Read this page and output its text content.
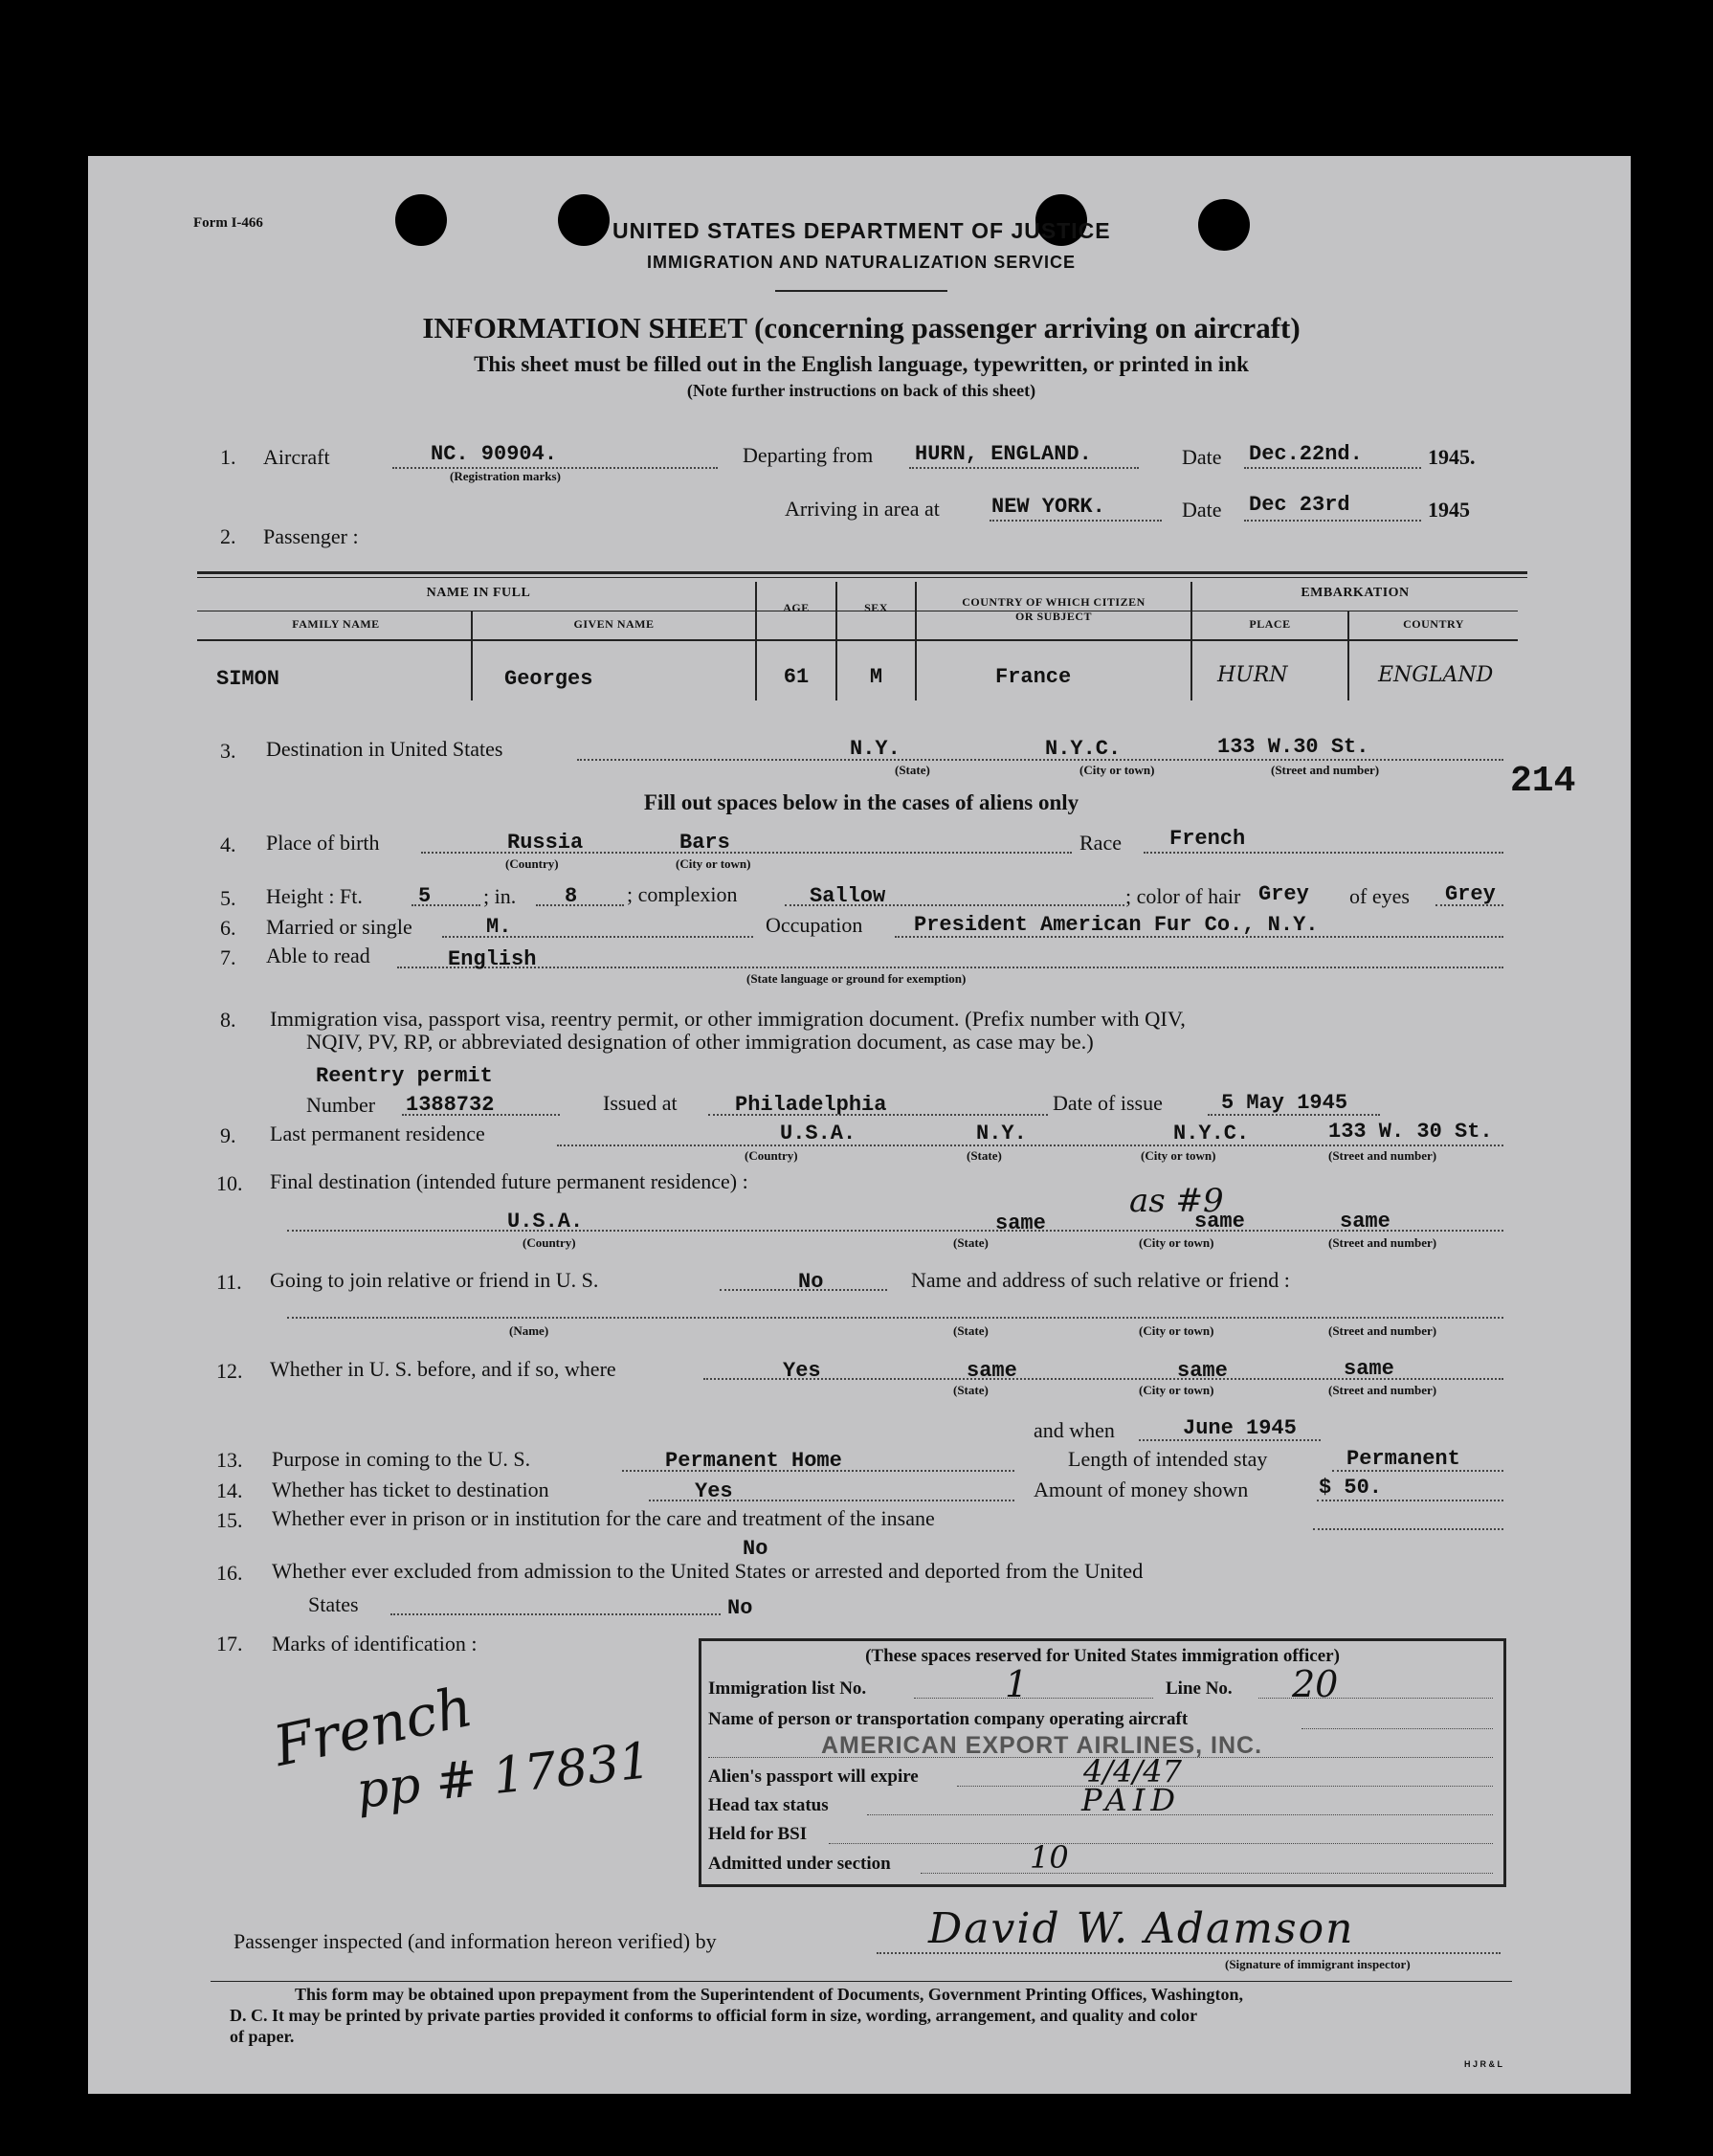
Form I-466	UNITED STATES DEPARTMENT OF JUSTICE
IMMIGRATION AND NATURALIZATION SERVICE
INFORMATION SHEET (concerning passenger arriving on aircraft)
This sheet must be filled out in the English language, typewritten, or printed in ink
(Note further instructions on back of this sheet)
1. Aircraft	NC. 90904.
(Registration marks)
Departing from HURN, ENGLAND.	Date Dec.22nd.	1945.
Arriving in area at NEW YORK.	Date Dec 23rd	1945
2. Passenger :
NAME IN FULL
FAMILY NAME	GIVEN NAME
AGE	SEX	COUNTRY OF WHICH CITIZEN
OR SUBJECT
EMBARKATION
PLACE	COUNTRY
SIMON	Georges	61	M	France	HURN	ENGLAND
3. Destination in United States	N.Y.	N.Y.C.	133 W.30 St.
(State)	(City or town)	(Street and number)	214
Fill out spaces below in the cases of aliens only
4. Place of birth	Russia	Bars
(Country)	(City or town)
Race French
5. Height : Ft.	5 ; in. 8 ; complexion	Sallow	; color of hair Grey of eyes Grey
6. Married or single	M.	Occupation President American Fur Co., N.Y.
7. Able to read	English
(State language or ground for exemption)
8. Immigration visa, passport visa, reentry permit, or other immigration document. (Prefix number with QIV,
NQIV, PV, RP, or abbreviated designation of other immigration document, as case may be.)
Reentry permit
Number 1388732	Issued at	Philadelphia	Date of issue	5 May 1945
9. Last permanent residence	U.S.A.	N.Y.	N.Y.C.	133 W. 30 St.
(Country)	(State)	(City or town)	(Street and number)
10. Final destination (intended future permanent residence) :
as #9
U.S.A.	same	same	same
(Country)	(State)	(City or town)	(Street and number)
11. Going to join relative or friend in U. S.	No	Name and address of such relative or friend :
(Name)	(State)	(City or town)	(Street and number)
12. Whether in U. S. before, and if so, where	Yes	same	same	same
(State)	(City or town)	(Street and number)
and when	June 1945
13. Purpose in coming to the U. S.	Permanent Home	Length of intended stay	Permanent
14. Whether has ticket to destination	Yes	Amount of money shown	$ 50.
15. Whether ever in prison or in institution for the care and treatment of the insane
No
16. Whether ever excluded from admission to the United States or arrested and deported from the United
States	No
17. Marks of identification :
French
pp # 17831
(These spaces reserved for United States immigration officer)
Immigration list No.	1	Line No. 20
Name of person or transportation company operating aircraft
AMERICAN EXPORT AIRLINES, INC.
Alien's passport will expire	4/4/47
Head tax status	PAID
Held for BSI
Admitted under section	10
Passenger inspected (and information hereon verified) by	David W. Adamson
(Signature of immigrant inspector)
This form may be obtained upon prepayment from the Superintendent of Documents, Government Printing Offices, Washington,
D. C. It may be printed by private parties provided it conforms to official form in size, wording, arrangement, and quality and color
of paper.
H J R & L
